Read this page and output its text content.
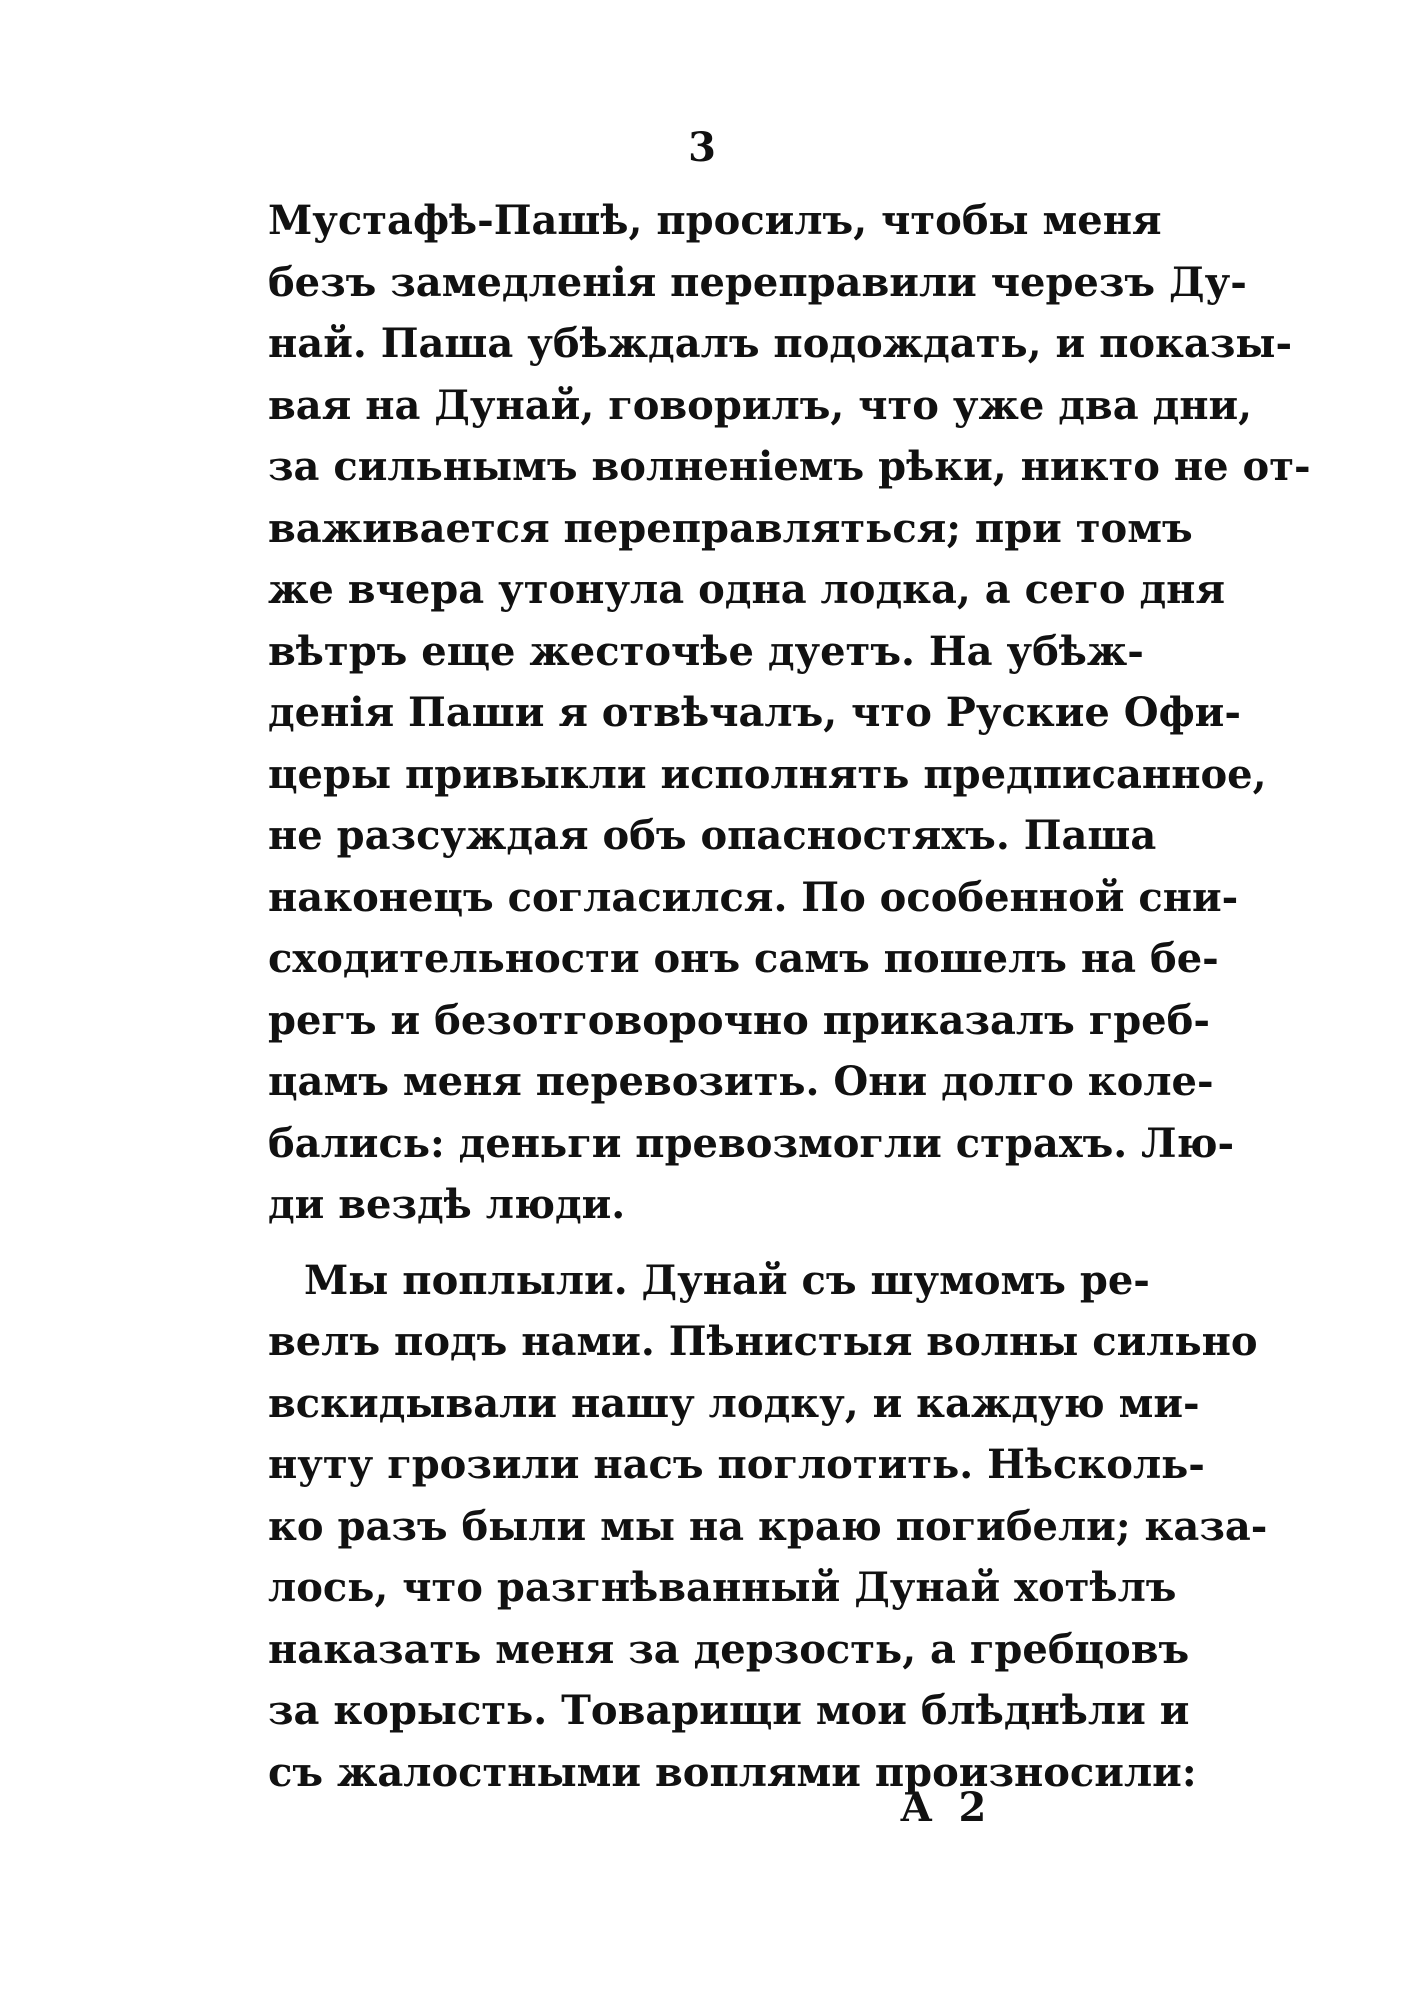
3
Мустафѣ-Пашѣ, просилъ, чтобы меня
безъ замедленія переправили черезъ Ду-
най. Паша убѣждалъ подождать, и показы-
вая на Дунай, говорилъ, что уже два дни,
за сильнымъ волненіемъ рѣки, никто не от-
важивается переправляться; при томъ
же вчера утонула одна лодка, а сего дня
вѣтръ еще жесточѣе дуетъ. На убѣж-
денія Паши я отвѣчалъ, что Руские Офи-
церы привыкли исполнять предписанное,
не разсуждая объ опасностяхъ. Паша
наконецъ согласился. По особенной сни-
сходительности онъ самъ пошелъ на бе-
регъ и безотговорочно приказалъ греб-
цамъ меня перевозить. Они долго коле-
бались: деньги превозмогли страхъ. Лю-
ди вездѣ люди.
Мы поплыли. Дунай съ шумомъ ре-
велъ подъ нами. Пѣнистыя волны сильно
вскидывали нашу лодку, и каждую ми-
нуту грозили насъ поглотить. Нѣсколь-
ко разъ были мы на краю погибели; каза-
лось, что разгнѣванный Дунай хотѣлъ
наказать меня за дерзость, а гребцовъ
за корысть. Товарищи мои блѣднѣли и
съ жалостными воплями произносили:
А 2
